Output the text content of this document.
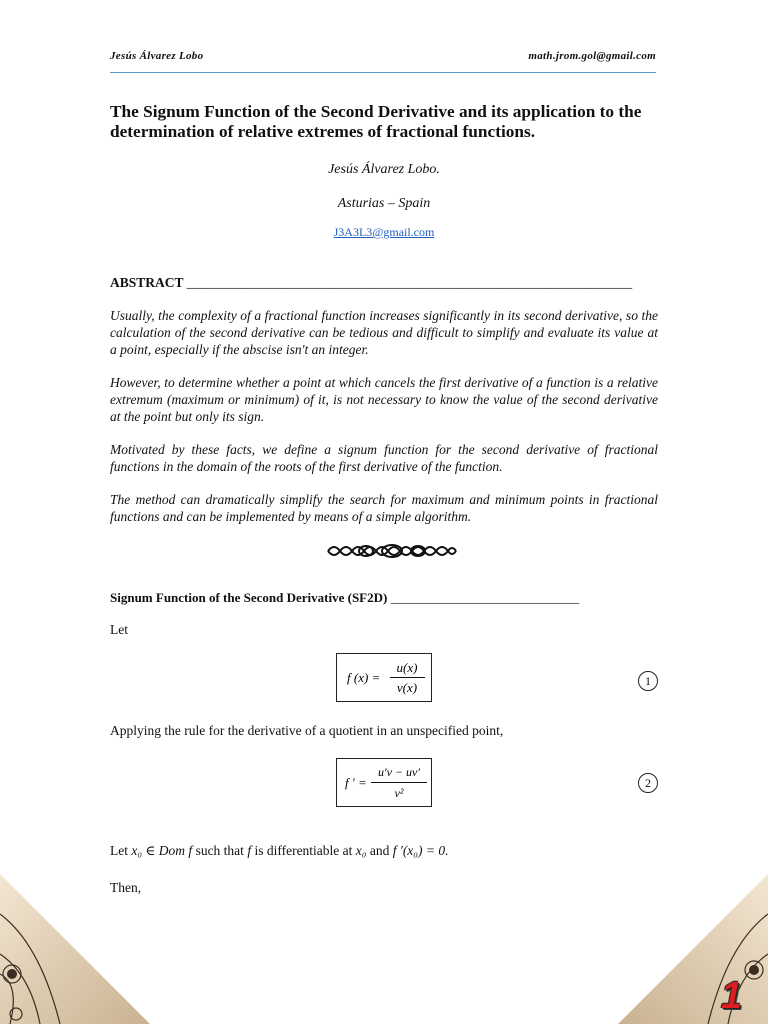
Jesús Álvarez Lobo	math.jrom.gol@gmail.com
The Signum Function of the Second Derivative and its application to the determination of relative extremes of fractional functions.
Jesús Álvarez Lobo.
Asturias – Spain
J3A3L3@gmail.com
ABSTRACT __________________________________________________________________
Usually, the complexity of a fractional function increases significantly in its second derivative, so the calculation of the second derivative can be tedious and difficult to simplify and evaluate its value at a point, especially if the abscise isn't an integer.
However, to determine whether a point at which cancels the first derivative of a function is a relative extremum (maximum or minimum) of it, is not necessary to know the value of the second derivative at the point but only its sign.
Motivated by these facts, we define a signum function for the second derivative of fractional functions in the domain of the roots of the first derivative of the function.
The method can dramatically simplify the search for maximum and minimum points in fractional functions and can be implemented by means of a simple algorithm.
Signum Function of the Second Derivative (SF2D) _____________________________
Let
f (x) =
u(x)
v(x)	1
Applying the rule for the derivative of a quotient in an unspecified point,
f ′ =
u′v − uv′
v²
2
Let x₀ ∈ Dom f such that f is differentiable at x₀ and f ′(x₀) = 0.
Then,
1
